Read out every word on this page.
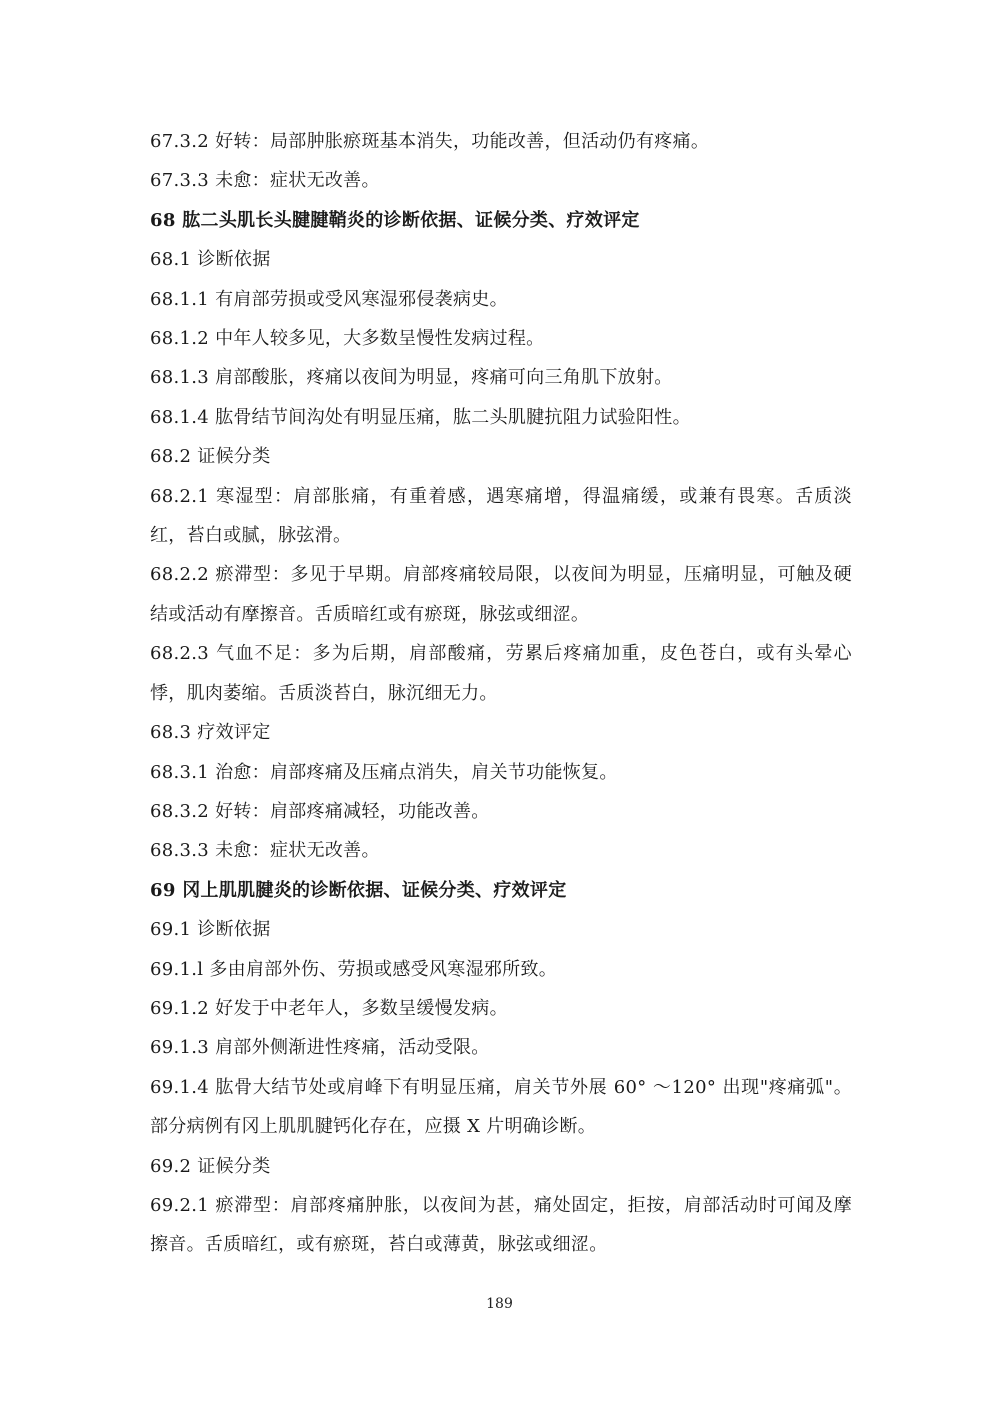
67.3.2 好转：局部肿胀瘀斑基本消失，功能改善，但活动仍有疼痛。
67.3.3 未愈：症状无改善。
68 肱二头肌长头腱腱鞘炎的诊断依据、证候分类、疗效评定
68.1 诊断依据
68.1.1 有肩部劳损或受风寒湿邪侵袭病史。
68.1.2 中年人较多见，大多数呈慢性发病过程。
68.1.3 肩部酸胀，疼痛以夜间为明显，疼痛可向三角肌下放射。
68.1.4 肱骨结节间沟处有明显压痛，肱二头肌腱抗阻力试验阳性。
68.2 证候分类
68.2.1 寒湿型：肩部胀痛，有重着感，遇寒痛增，得温痛缓，或兼有畏寒。舌质淡红，苔白或腻，脉弦滑。
68.2.2 瘀滞型：多见于早期。肩部疼痛较局限，以夜间为明显，压痛明显，可触及硬结或活动有摩擦音。舌质暗红或有瘀斑，脉弦或细涩。
68.2.3 气血不足：多为后期，肩部酸痛，劳累后疼痛加重，皮色苍白，或有头晕心悸，肌肉萎缩。舌质淡苔白，脉沉细无力。
68.3 疗效评定
68.3.1 治愈：肩部疼痛及压痛点消失，肩关节功能恢复。
68.3.2 好转：肩部疼痛减轻，功能改善。
68.3.3 未愈：症状无改善。
69 冈上肌肌腱炎的诊断依据、证候分类、疗效评定
69.1 诊断依据
69.1.l 多由肩部外伤、劳损或感受风寒湿邪所致。
69.1.2 好发于中老年人，多数呈缓慢发病。
69.1.3 肩部外侧渐进性疼痛，活动受限。
69.1.4 肱骨大结节处或肩峰下有明显压痛，肩关节外展 60° ～120° 出现"疼痛弧"。部分病例有冈上肌肌腱钙化存在，应摄 X 片明确诊断。
69.2 证候分类
69.2.1 瘀滞型：肩部疼痛肿胀，以夜间为甚，痛处固定，拒按，肩部活动时可闻及摩擦音。舌质暗红，或有瘀斑，苔白或薄黄，脉弦或细涩。
189
